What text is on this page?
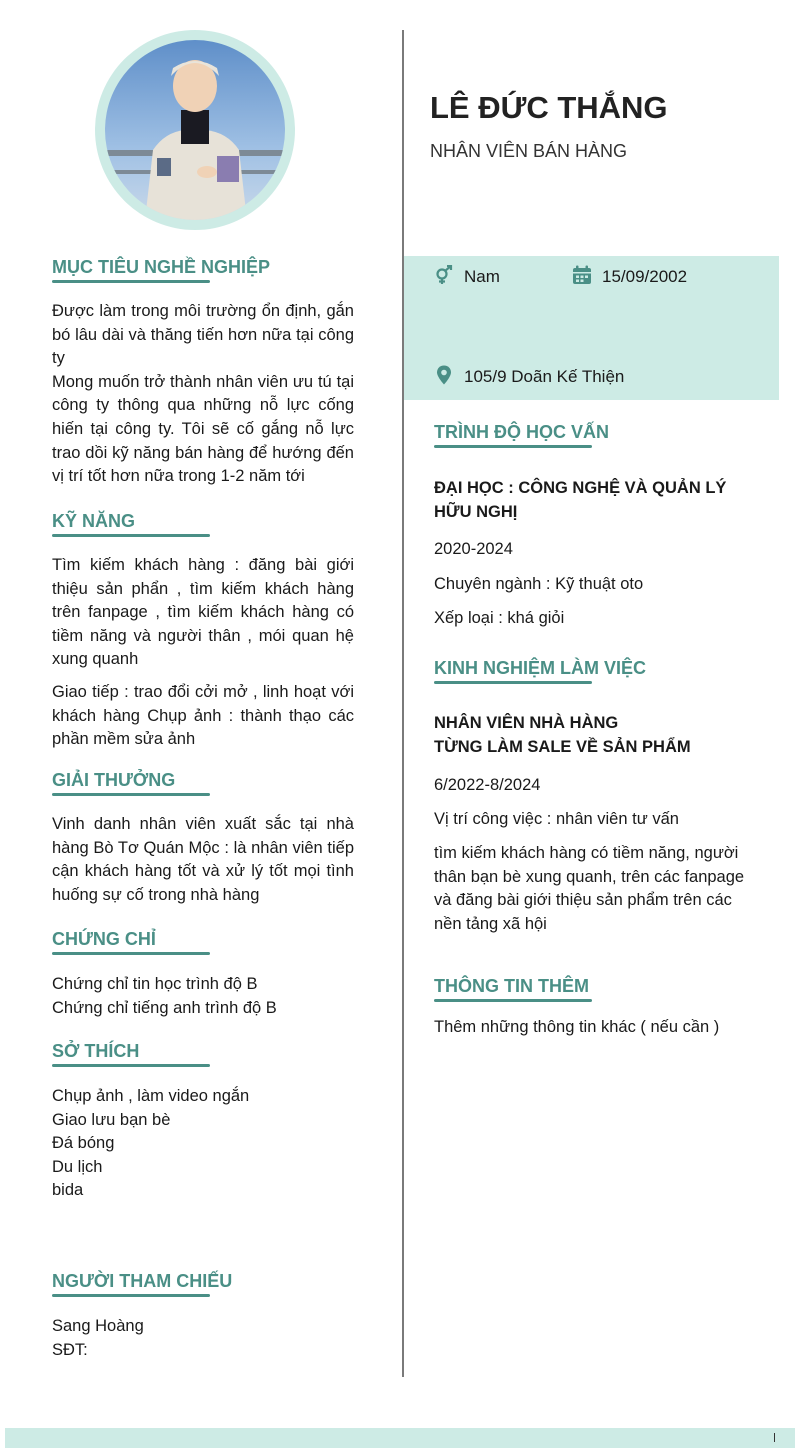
MỤC TIÊU NGHỀ NGHIỆP
Được làm trong môi trường ổn định, gắn bó lâu dài và thăng tiến hơn nữa tại công ty
Mong muốn trở thành nhân viên ưu tú tại công ty thông qua những nỗ lực cống hiến tại công ty. Tôi sẽ cố gắng nỗ lực trao dồi kỹ năng bán hàng để hướng đến vị trí tốt hơn nữa trong 1-2 năm tới
KỸ NĂNG
Tìm kiếm khách hàng : đăng bài giới thiệu sản phẩn , tìm kiếm khách hàng trên fanpage , tìm kiếm khách hàng có tiềm năng và người thân , mói quan hệ xung quanh
Giao tiếp : trao đổi cởi mở , linh hoạt với khách hàng Chụp ảnh : thành thạo các phần mềm sửa ảnh
GIẢI THƯỞNG
Vinh danh nhân viên xuất sắc tại nhà hàng Bò Tơ Quán Mộc : là nhân viên tiếp cận khách hàng tốt và xử lý tốt mọi tình huống sự cố trong nhà hàng
CHỨNG CHỈ
Chứng chỉ tin học trình độ B
Chứng chỉ tiếng anh trình độ B
SỞ THÍCH
Chụp ảnh , làm video ngắn
Giao lưu bạn bè
Đá bóng
Du lịch
bida
NGƯỜI THAM CHIẾU
Sang Hoàng
SĐT:
LÊ ĐỨC THẮNG
NHÂN VIÊN BÁN HÀNG
Nam	15/09/2002
105/9 Doãn Kế Thiện
TRÌNH ĐỘ HỌC VẤN
ĐẠI HỌC : CÔNG NGHỆ VÀ QUẢN LÝ HỮU NGHỊ
2020-2024
Chuyên ngành : Kỹ thuật oto
Xếp loại : khá giỏi
KINH NGHIỆM LÀM VIỆC
NHÂN VIÊN NHÀ HÀNG
TỪNG LÀM SALE VỀ SẢN PHẨM
6/2022-8/2024
Vị trí công việc : nhân viên tư vấn
tìm kiếm khách hàng có tiềm năng, người thân bạn bè xung quanh, trên các fanpage và đăng bài giới thiệu sản phẩm trên các nền tảng xã hội
THÔNG TIN THÊM
Thêm những thông tin khác ( nếu cần )
